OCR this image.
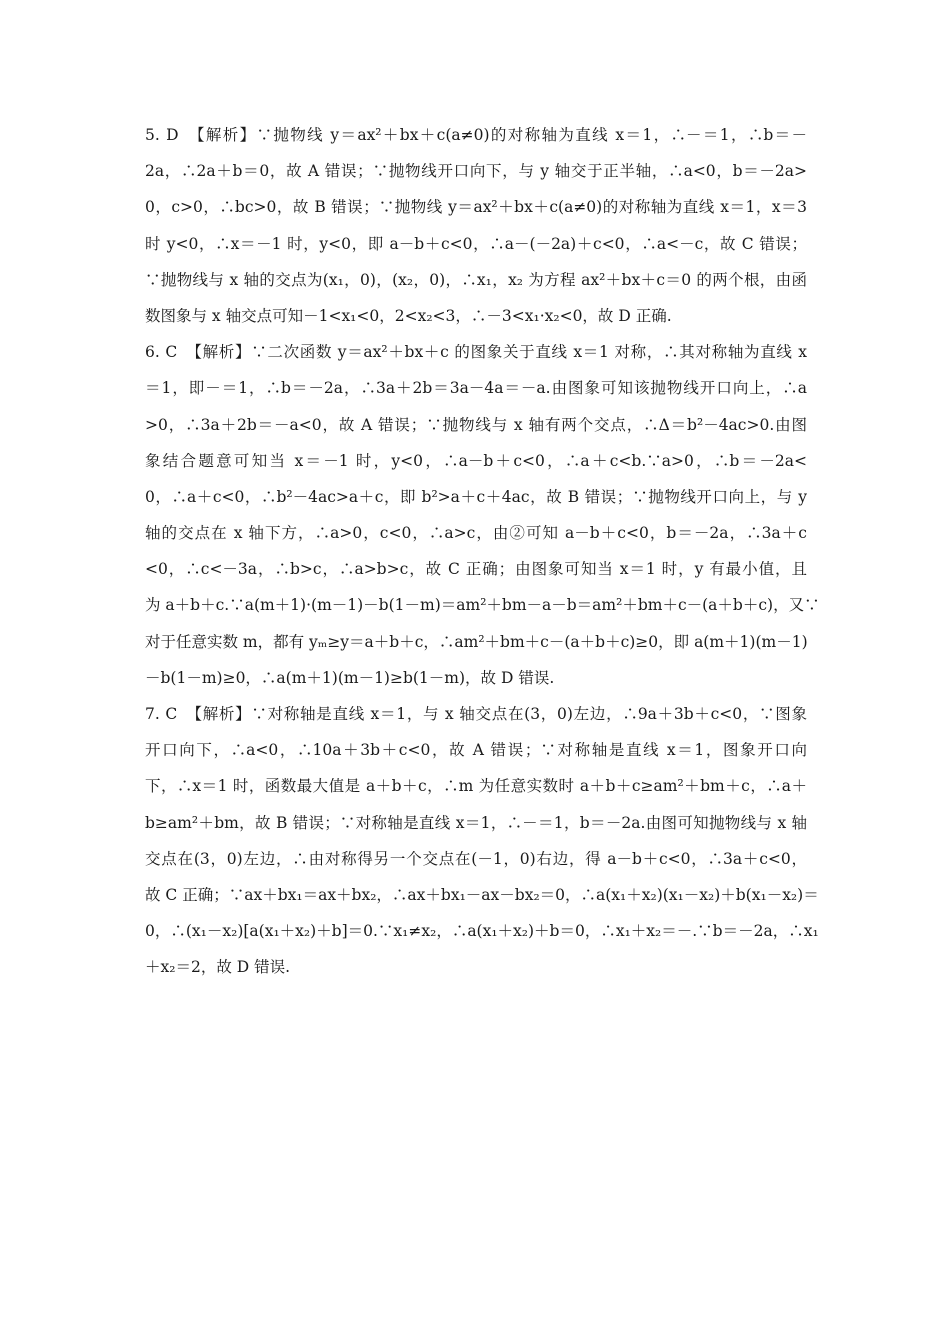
5. D　【解析】∵抛物线 y＝ax²＋bx＋c(a≠0)的对称轴为直线 x＝1，∴－＝1，∴b＝－
2a，∴2a＋b＝0，故 A 错误；∵抛物线开口向下，与 y 轴交于正半轴，∴a<0，b＝－2a>
0，c>0，∴bc>0，故 B 错误；∵抛物线 y＝ax²＋bx＋c(a≠0)的对称轴为直线 x＝1，x＝3
时 y<0，∴x＝－1 时，y<0，即 a－b＋c<0，∴a－(－2a)＋c<0，∴a<－c，故 C 错误；
∵抛物线与 x 轴的交点为(x₁，0)，(x₂，0)，∴x₁，x₂ 为方程 ax²＋bx＋c＝0 的两个根，由函
数图象与 x 轴交点可知－1<x₁<0，2<x₂<3，∴－3<x₁·x₂<0，故 D 正确.
6. C　【解析】∵二次函数 y＝ax²＋bx＋c 的图象关于直线 x＝1 对称，∴其对称轴为直线 x
＝1，即－＝1，∴b＝－2a，∴3a＋2b＝3a－4a＝－a.由图象可知该抛物线开口向上，∴a
>0，∴3a＋2b＝－a<0，故 A 错误；∵抛物线与 x 轴有两个交点，∴Δ＝b²－4ac>0.由图
象结合题意可知当 x＝－1 时，y<0，∴a－b＋c<0，∴a＋c<b.∵a>0，∴b＝－2a<
0，∴a＋c<0，∴b²－4ac>a＋c，即 b²>a＋c＋4ac，故 B 错误；∵抛物线开口向上，与 y
轴的交点在 x 轴下方，∴a>0，c<0，∴a>c，由②可知 a－b＋c<0，b＝－2a，∴3a＋c
<0，∴c<－3a，∴b>c，∴a>b>c，故 C 正确；由图象可知当 x＝1 时，y 有最小值，且
为 a＋b＋c.∵a(m＋1)·(m－1)－b(1－m)＝am²＋bm－a－b＝am²＋bm＋c－(a＋b＋c)，又∵
对于任意实数 m，都有 yₘ≥y＝a＋b＋c，∴am²＋bm＋c－(a＋b＋c)≥0，即 a(m＋1)(m－1)
－b(1－m)≥0，∴a(m＋1)(m－1)≥b(1－m)，故 D 错误.
7. C　【解析】∵对称轴是直线 x＝1，与 x 轴交点在(3，0)左边，∴9a＋3b＋c<0，∵图象
开口向下，∴a<0，∴10a＋3b＋c<0，故 A 错误；∵对称轴是直线 x＝1，图象开口向
下，∴x＝1 时，函数最大值是 a＋b＋c，∴m 为任意实数时 a＋b＋c≥am²＋bm＋c，∴a＋
b≥am²＋bm，故 B 错误；∵对称轴是直线 x＝1，∴－＝1，b＝－2a.由图可知抛物线与 x 轴
交点在(3，0)左边，∴由对称得另一个交点在(－1，0)右边，得 a－b＋c<0，∴3a＋c<0，
故 C 正确；∵ax＋bx₁＝ax＋bx₂，∴ax＋bx₁－ax－bx₂＝0，∴a(x₁＋x₂)(x₁－x₂)＋b(x₁－x₂)＝
0，∴(x₁－x₂)[a(x₁＋x₂)＋b]＝0.∵x₁≠x₂，∴a(x₁＋x₂)＋b＝0，∴x₁＋x₂＝－.∵b＝－2a，∴x₁
＋x₂＝2，故 D 错误.
